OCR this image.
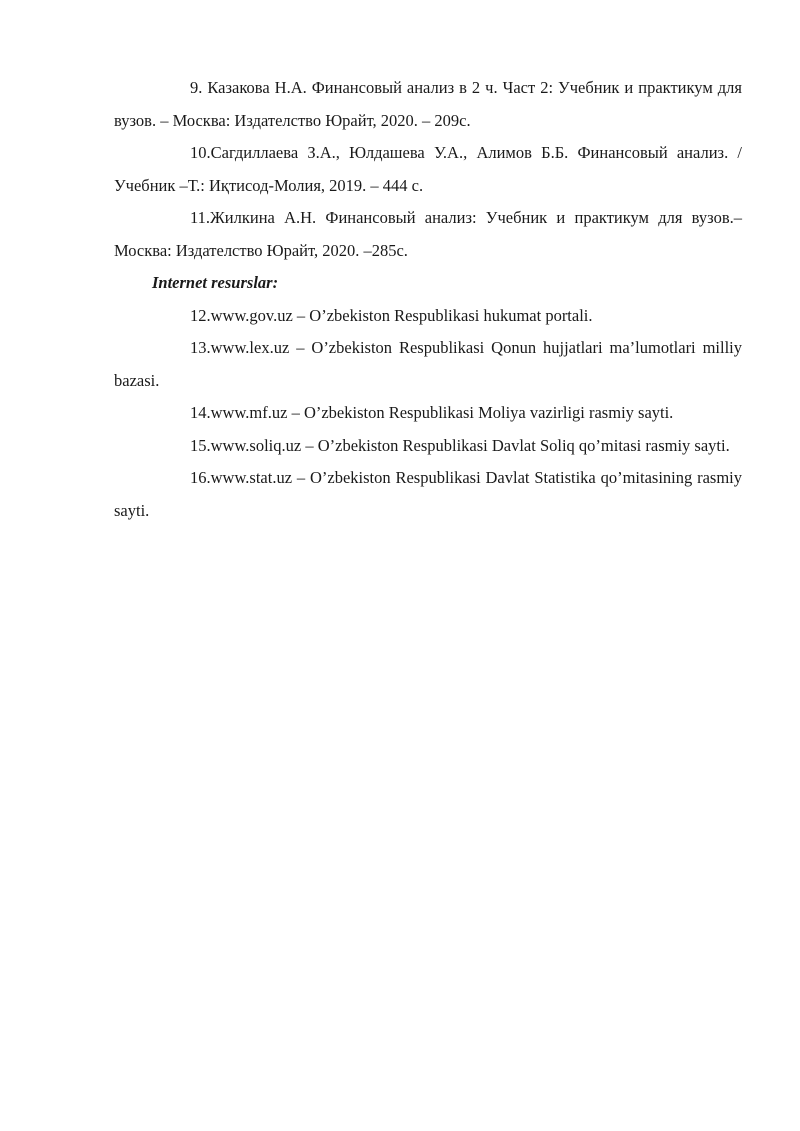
9. Казакова Н.А. Финансовый анализ в 2 ч. Част 2: Учебник и практикум для вузов. – Москва: Издателство Юрайт, 2020. – 209с.

10.Сагдиллаева З.А., Юлдашева У.А., Алимов Б.Б. Финансовый анализ. /Учебник –Т.: Иқтисод-Молия, 2019. – 444 с.

11.Жилкина А.Н. Финансовый анализ: Учебник и практикум для вузов.– Москва: Издателство Юрайт, 2020. –285с.

Internet resurslar:

12.www.gov.uz – O’zbekiston Respublikasi hukumat portali.

13.www.lex.uz – O’zbekiston Respublikasi Qonun hujjatlari ma’lumotlari milliy bazasi.

14.www.mf.uz – O’zbekiston Respublikasi Moliya vazirligi rasmiy sayti.

15.www.soliq.uz – O’zbekiston Respublikasi Davlat Soliq qo’mitasi rasmiy sayti.

16.www.stat.uz – O’zbekiston Respublikasi Davlat Statistika qo’mitasining rasmiy sayti.
